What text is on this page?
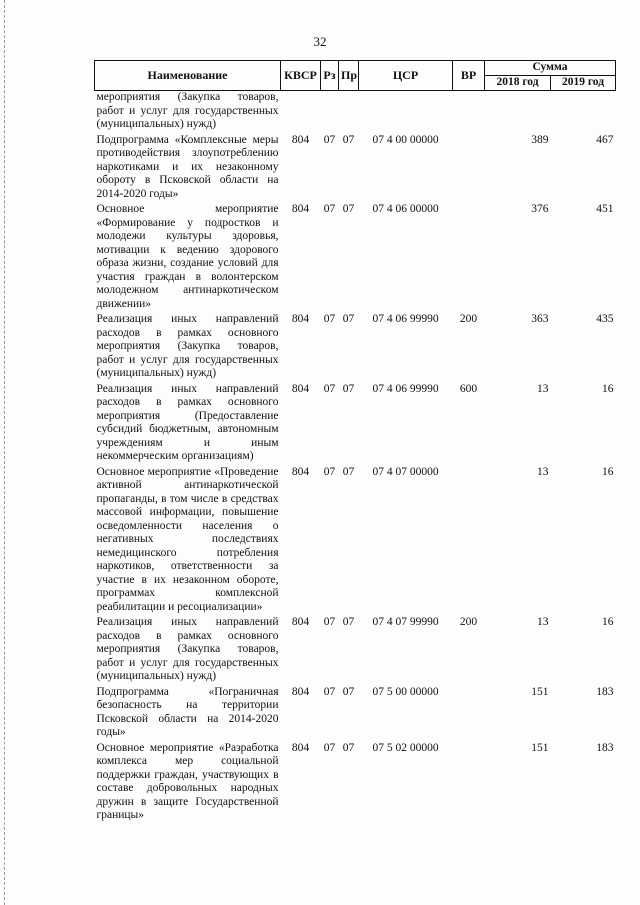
32
Наименование	КВСР	Рз	Пр	ЦСР	ВР	Сумма	
						2018 год	2019 год
мероприятия (Закупка товаров, работ и услуг для государственных (муниципальных) нужд)							
Подпрограмма «Комплексные меры противодействия злоупотреблению наркотиками и их незаконному обороту в Псковской области на 2014-2020 годы»	804	07	07	07 4 00 00000		389	467
Основное мероприятие «Формирование у подростков и молодежи культуры здоровья, мотивации к ведению здорового образа жизни, создание условий для участия граждан в волонтерском молодежном антинаркотическом движении»	804	07	07	07 4 06 00000		376	451
Реализация иных направлений расходов в рамках основного мероприятия (Закупка товаров, работ и услуг для государственных (муниципальных) нужд)	804	07	07	07 4 06 99990	200	363	435
Реализация иных направлений расходов в рамках основного мероприятия (Предоставление субсидий бюджетным, автономным учреждениям и иным некоммерческим организациям)	804	07	07	07 4 06 99990	600	13	16
Основное мероприятие «Проведение активной антинаркотической пропаганды, в том числе в средствах массовой информации, повышение осведомленности населения о негативных последствиях немедицинского потребления наркотиков, ответственности за участие в их незаконном обороте, программах комплексной реабилитации и ресоциализации»	804	07	07	07 4 07 00000		13	16
Реализация иных направлений расходов в рамках основного мероприятия (Закупка товаров, работ и услуг для государственных (муниципальных) нужд)	804	07	07	07 4 07 99990	200	13	16
Подпрограмма «Пограничная безопасность на территории Псковской области на 2014-2020 годы»	804	07	07	07 5 00 00000		151	183
Основное мероприятие «Разработка комплекса мер социальной поддержки граждан, участвующих в составе добровольных народных дружин в защите Государственной границы»	804	07	07	07 5 02 00000		151	183
